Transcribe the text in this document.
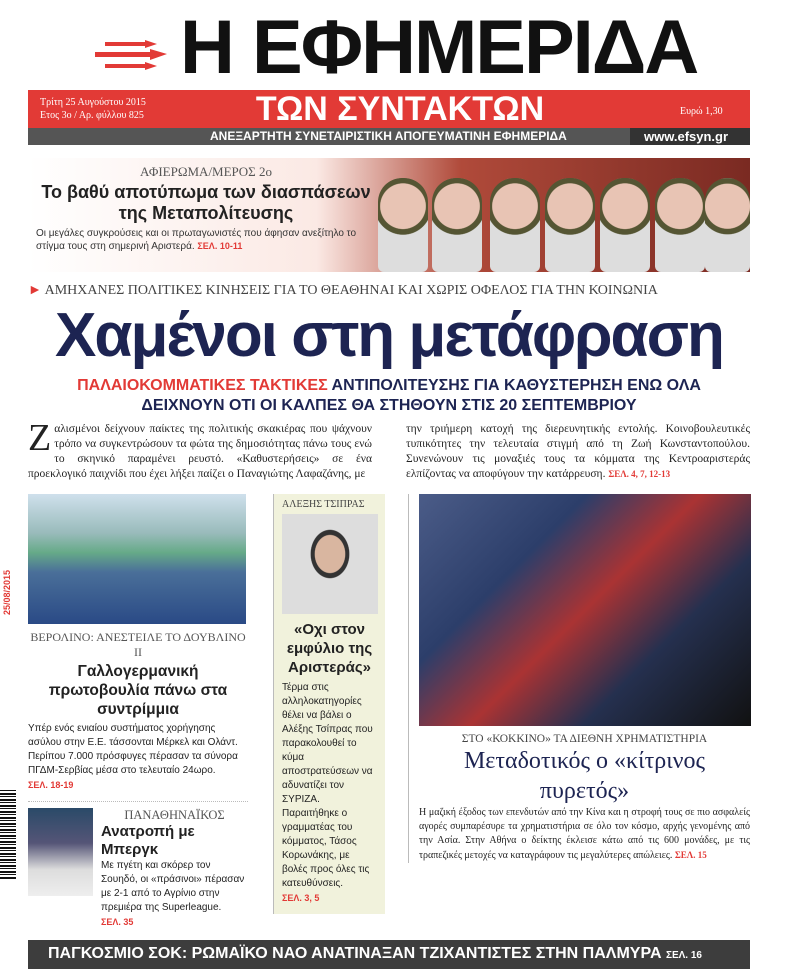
Η ΕΦΗΜΕΡΙΔΑ
Τρίτη 25 Αυγούστου 2015
Ετος 3ο / Αρ. φύλλου 825	ΤΩΝ ΣΥΝΤΑΚΤΩΝ	Ευρώ 1,30
ΑΝΕΞΑΡΤΗΤΗ ΣΥΝΕΤΑΙΡΙΣΤΙΚΗ ΑΠΟΓΕΥΜΑΤΙΝΗ ΕΦΗΜΕΡΙΔΑ	www.efsyn.gr
ΑΦΙΕΡΩΜΑ/ΜΕΡΟΣ 2ο
Το βαθύ αποτύπωμα των διασπάσεων της Μεταπολίτευσης
Οι μεγάλες συγκρούσεις και οι πρωταγωνιστές που άφησαν ανεξίτηλο το στίγμα τους στη σημερινή Αριστερά. ΣΕΛ. 10-11
► ΑΜΗΧΑΝΕΣ ΠΟΛΙΤΙΚΕΣ ΚΙΝΗΣΕΙΣ ΓΙΑ ΤΟ ΘΕΑΘΗΝΑΙ ΚΑΙ ΧΩΡΙΣ ΟΦΕΛΟΣ ΓΙΑ ΤΗΝ ΚΟΙΝΩΝΙΑ
Χαμένοι στη μετάφραση
ΠΑΛΑΙΟΚΟΜΜΑΤΙΚΕΣ ΤΑΚΤΙΚΕΣ ΑΝΤΙΠΟΛΙΤΕΥΣΗΣ ΓΙΑ ΚΑΘΥΣΤΕΡΗΣΗ ΕΝΩ ΟΛΑ ΔΕΙΧΝΟΥΝ ΟΤΙ ΟΙ ΚΑΛΠΕΣ ΘΑ ΣΤΗΘΟΥΝ ΣΤΙΣ 20 ΣΕΠΤΕΜΒΡΙΟΥ
Zαλισμένοι δείχνουν παίκτες της πολιτικής σκακιέρας που ψάχνουν τρόπο να συγκεντρώσουν τα φώτα της δημοσιότητας πάνω τους ενώ το σκηνικό παραμένει ρευστό. «Καθυστερήσεις» σε ένα προεκλογικό παιχνίδι που έχει λήξει παίζει ο Παναγιώτης Λαφαζάνης, με
την τριήμερη κατοχή της διερευνητικής εντολής. Κοινοβουλευτικές τυπικότητες την τελευταία στιγμή από τη Ζωή Κωνσταντοπούλου. Συνενώνουν τις μοναξιές τους τα κόμματα της Κεντροαριστεράς ελπίζοντας να αποφύγουν την κατάρρευση. ΣΕΛ. 4, 7, 12-13
ΒΕΡΟΛΙΝΟ: ΑΝΕΣΤΕΙΛΕ ΤΟ ΔΟΥΒΛΙΝΟ ΙΙ
Γαλλογερμανική πρωτοβουλία πάνω στα συντρίμμια
Υπέρ ενός ενιαίου συστήματος χορήγησης ασύλου στην Ε.Ε. τάσσονται Μέρκελ και Ολάντ. Περίπου 7.000 πρόσφυγες πέρασαν τα σύνορα ΠΓΔΜ-Σερβίας μέσα στο τελευταίο 24ωρο. ΣΕΛ. 18-19
ΠΑΝΑΘΗΝΑΪΚΟΣ
Ανατροπή με Μπεργκ
Με πγέτη και σκόρερ τον Σουηδό, οι «πράσινοι» πέρασαν με 2-1 από το Αγρίνιο στην πρεμιέρα της Superleague. ΣΕΛ. 35
ΑΛΕΞΗΣ ΤΣΙΠΡΑΣ
«Οχι στον εμφύλιο της Αριστεράς»
Τέρμα στις αλληλοκατηγορίες θέλει να βάλει ο Αλέξης Τσίπρας που παρακολουθεί το κύμα αποστρατεύσεων να αδυνατίζει τον ΣΥΡΙΖΑ. Παραιτήθηκε ο γραμματέας του κόμματος, Τάσος Κορωνάκης, με βολές προς όλες τις κατευθύνσεις.
ΣΕΛ. 3, 5
ΣΤΟ «ΚΟΚΚΙΝΟ» ΤΑ ΔΙΕΘΝΗ ΧΡΗΜΑΤΙΣΤΗΡΙΑ
Μεταδοτικός ο «κίτρινος πυρετός»
Η μαζική έξοδος των επενδυτών από την Κίνα και η στροφή τους σε πιο ασφαλείς αγορές συμπαρέσυρε τα χρηματιστήρια σε όλο τον κόσμο, αρχής γενομένης από την Ασία. Στην Αθήνα ο δείκτης έκλεισε κάτω από τις 600 μονάδες, με τις τραπεζικές μετοχές να καταγράφουν τις μεγαλύτερες απώλειες. ΣΕΛ. 15
ΠΑΓΚΟΣΜΙΟ ΣΟΚ: ΡΩΜΑΪΚΟ ΝΑΟ ΑΝΑΤΙΝΑΞΑΝ ΤΖΙΧΑΝΤΙΣΤΕΣ ΣΤΗΝ ΠΑΛΜΥΡΑ ΣΕΛ. 16
25/08/2015
